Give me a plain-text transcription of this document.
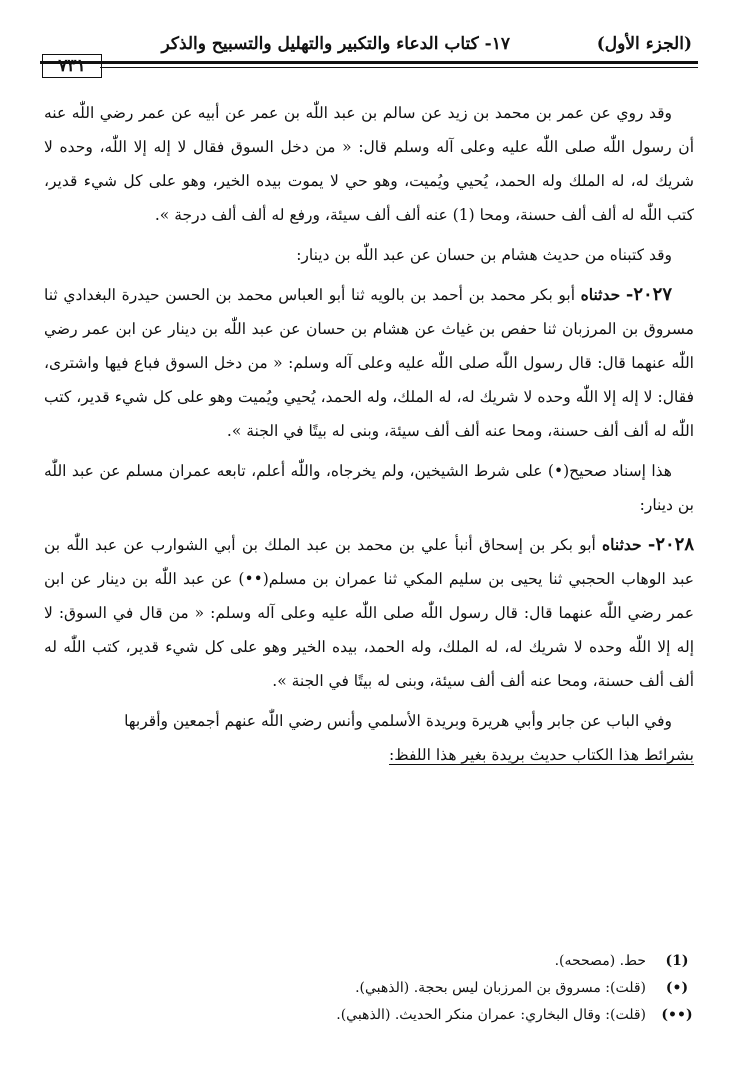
(الجزء الأول)
١٧- كتاب الدعاء والتكبير والتهليل والتسبيح والذكر
٧٣١

وقد روي عن عمر بن محمد بن زيد عن سالم بن عبد اللّٰه بن عمر عن أبيه عن عمر رضي اللّٰه عنه أن رسول اللّٰه صلى اللّٰه عليه وعلى آله وسلم قال: « من دخل السوق فقال لا إله إلا اللّٰه، وحده لا شريك له، له الملك وله الحمد، يُحيي ويُميت، وهو حي لا يموت بيده الخير، وهو على كل شيء قدير، كتب اللّٰه له ألف ألف حسنة، ومحا (1) عنه ألف ألف سيئة، ورفع له ألف ألف درجة ».

وقد كتبناه من حديث هشام بن حسان عن عبد اللّٰه بن دينار:

٢٠٢٧- حدثناه أبو بكر محمد بن أحمد بن بالويه ثنا أبو العباس محمد بن الحسن حيدرة البغدادي ثنا مسروق بن المرزبان ثنا حفص بن غياث عن هشام بن حسان عن عبد اللّٰه بن دينار عن ابن عمر رضي اللّٰه عنهما قال: قال رسول اللّٰه صلى اللّٰه عليه وعلى آله وسلم: « من دخل السوق فباع فيها واشترى، فقال: لا إله إلا اللّٰه وحده لا شريك له، له الملك، وله الحمد، يُحيي ويُميت وهو على كل شيء قدير، كتب اللّٰه له ألف ألف حسنة، ومحا عنه ألف ألف سيئة، وبنى له بيتًا في الجنة ».

هذا إسناد صحيح(•) على شرط الشيخين، ولم يخرجاه، واللّٰه أعلم، تابعه عمران مسلم عن عبد اللّٰه بن دينار:

٢٠٢٨- حدثناه أبو بكر بن إسحاق أنبأ علي بن محمد بن عبد الملك بن أبي الشوارب عن عبد اللّٰه بن عبد الوهاب الحجبي ثنا يحيى بن سليم المكي ثنا عمران بن مسلم(••) عن عبد اللّٰه بن دينار عن ابن عمر رضي اللّٰه عنهما قال: قال رسول اللّٰه صلى اللّٰه عليه وعلى آله وسلم: « من قال في السوق: لا إله إلا اللّٰه وحده لا شريك له، له الملك، وله الحمد، بيده الخير وهو على كل شيء قدير، كتب اللّٰه له ألف ألف حسنة، ومحا عنه ألف ألف سيئة، وبنى له بيتًا في الجنة ».

وفي الباب عن جابر وأبي هريرة وبريدة الأسلمي وأنس رضي اللّٰه عنهم أجمعين وأقربها

بشرائط هذا الكتاب حديث بريدة بغير هذا اللفظ:

(1)
حط. (مصححه).
(•)
(قلت): مسروق بن المرزبان ليس بحجة. (الذهبي).
(••)
(قلت): وقال البخاري: عمران منكر الحديث. (الذهبي).
